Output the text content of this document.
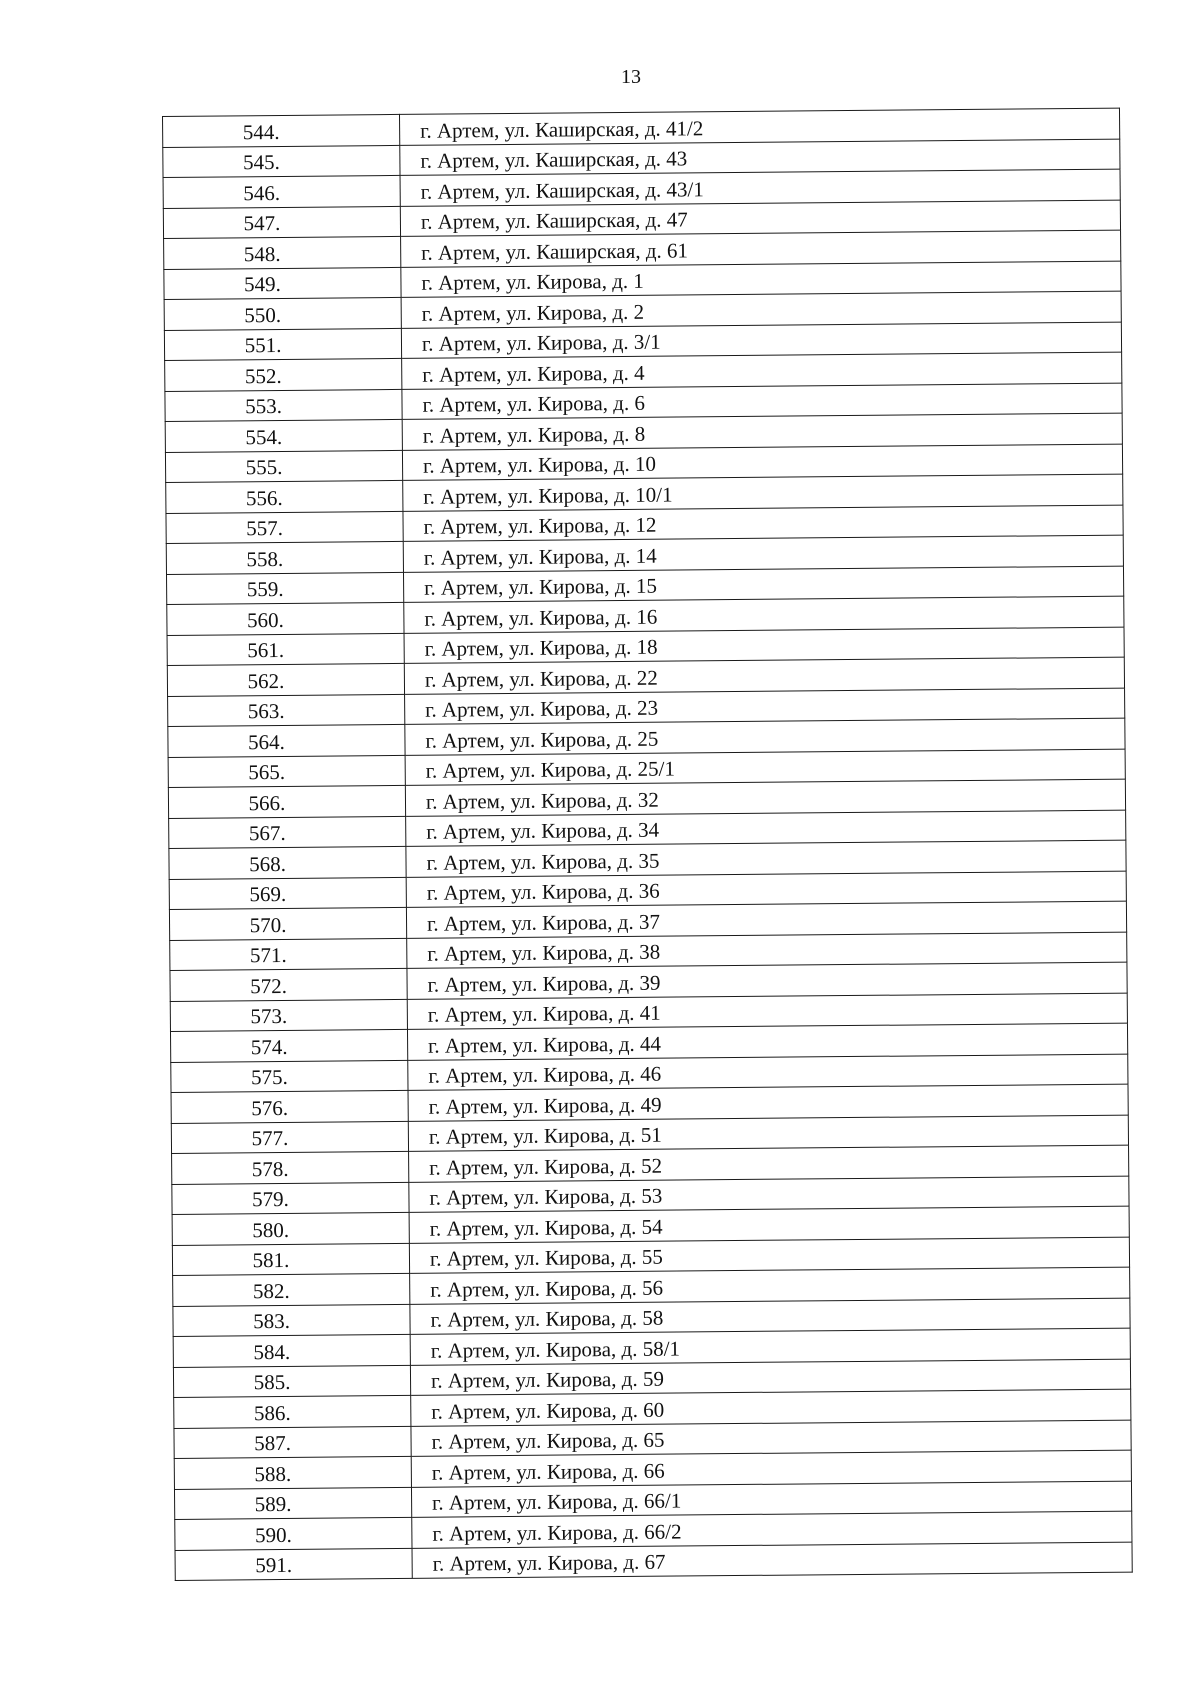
13
544.	г. Артем, ул. Каширская, д. 41/2
545.	г. Артем, ул. Каширская, д. 43
546.	г. Артем, ул. Каширская, д. 43/1
547.	г. Артем, ул. Каширская, д. 47
548.	г. Артем, ул. Каширская, д. 61
549.	г. Артем, ул. Кирова, д. 1
550.	г. Артем, ул. Кирова, д. 2
551.	г. Артем, ул. Кирова, д. 3/1
552.	г. Артем, ул. Кирова, д. 4
553.	г. Артем, ул. Кирова, д. 6
554.	г. Артем, ул. Кирова, д. 8
555.	г. Артем, ул. Кирова, д. 10
556.	г. Артем, ул. Кирова, д. 10/1
557.	г. Артем, ул. Кирова, д. 12
558.	г. Артем, ул. Кирова, д. 14
559.	г. Артем, ул. Кирова, д. 15
560.	г. Артем, ул. Кирова, д. 16
561.	г. Артем, ул. Кирова, д. 18
562.	г. Артем, ул. Кирова, д. 22
563.	г. Артем, ул. Кирова, д. 23
564.	г. Артем, ул. Кирова, д. 25
565.	г. Артем, ул. Кирова, д. 25/1
566.	г. Артем, ул. Кирова, д. 32
567.	г. Артем, ул. Кирова, д. 34
568.	г. Артем, ул. Кирова, д. 35
569.	г. Артем, ул. Кирова, д. 36
570.	г. Артем, ул. Кирова, д. 37
571.	г. Артем, ул. Кирова, д. 38
572.	г. Артем, ул. Кирова, д. 39
573.	г. Артем, ул. Кирова, д. 41
574.	г. Артем, ул. Кирова, д. 44
575.	г. Артем, ул. Кирова, д. 46
576.	г. Артем, ул. Кирова, д. 49
577.	г. Артем, ул. Кирова, д. 51
578.	г. Артем, ул. Кирова, д. 52
579.	г. Артем, ул. Кирова, д. 53
580.	г. Артем, ул. Кирова, д. 54
581.	г. Артем, ул. Кирова, д. 55
582.	г. Артем, ул. Кирова, д. 56
583.	г. Артем, ул. Кирова, д. 58
584.	г. Артем, ул. Кирова, д. 58/1
585.	г. Артем, ул. Кирова, д. 59
586.	г. Артем, ул. Кирова, д. 60
587.	г. Артем, ул. Кирова, д. 65
588.	г. Артем, ул. Кирова, д. 66
589.	г. Артем, ул. Кирова, д. 66/1
590.	г. Артем, ул. Кирова, д. 66/2
591.	г. Артем, ул. Кирова, д. 67
